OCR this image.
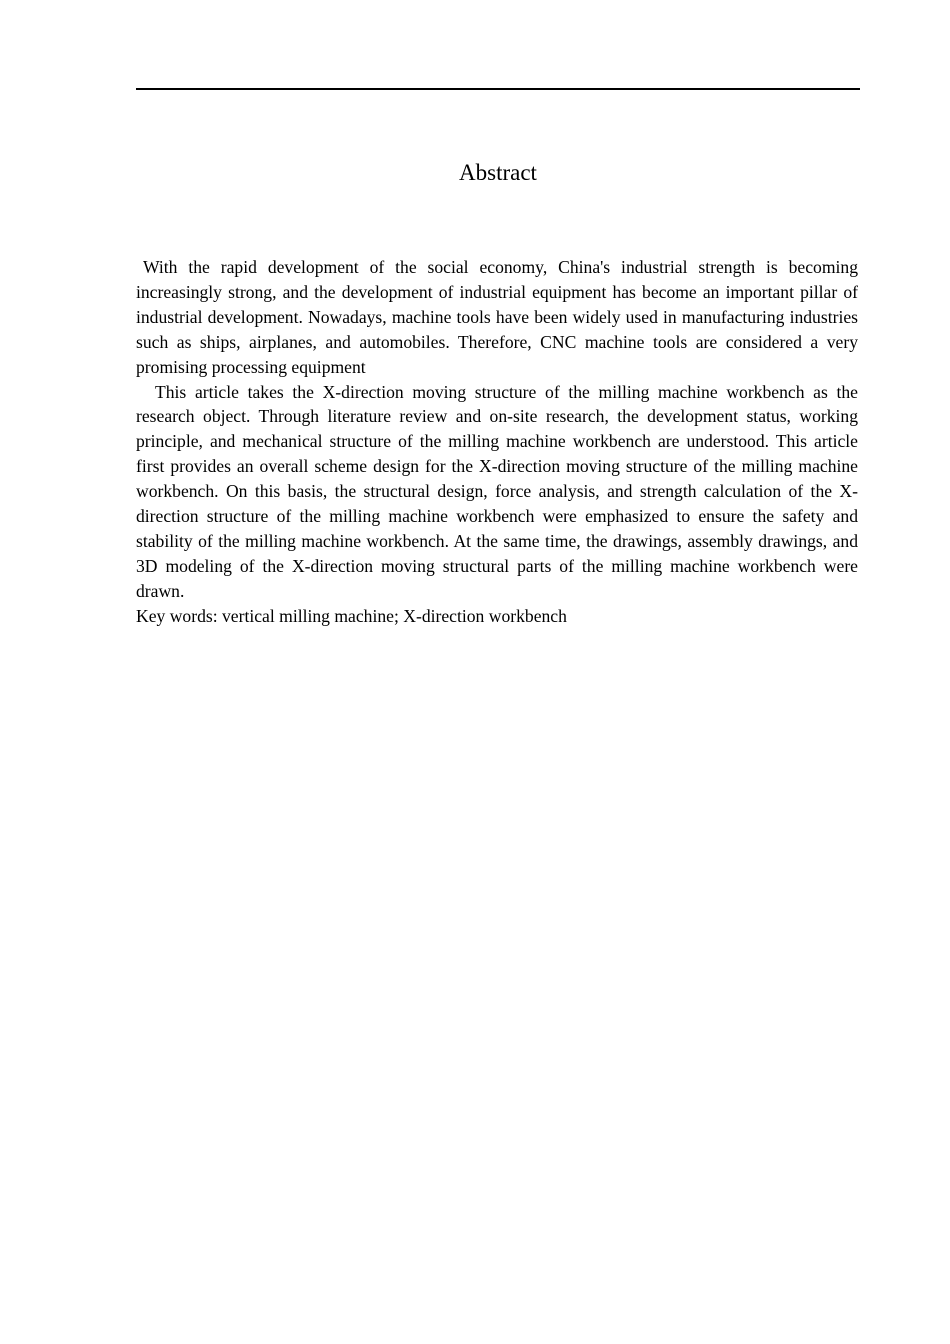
Abstract

With the rapid development of the social economy, China's industrial strength is becoming increasingly strong, and the development of industrial equipment has become an important pillar of industrial development. Nowadays, machine tools have been widely used in manufacturing industries such as ships, airplanes, and automobiles. Therefore, CNC machine tools are considered a very promising processing equipment

This article takes the X-direction moving structure of the milling machine workbench as the research object. Through literature review and on-site research, the development status, working principle, and mechanical structure of the milling machine workbench are understood. This article first provides an overall scheme design for the X-direction moving structure of the milling machine workbench. On this basis, the structural design, force analysis, and strength calculation of the X-direction structure of the milling machine workbench were emphasized to ensure the safety and stability of the milling machine workbench. At the same time, the drawings, assembly drawings, and 3D modeling of the X-direction moving structural parts of the milling machine workbench were drawn.

Key words: vertical milling machine; X-direction workbench
